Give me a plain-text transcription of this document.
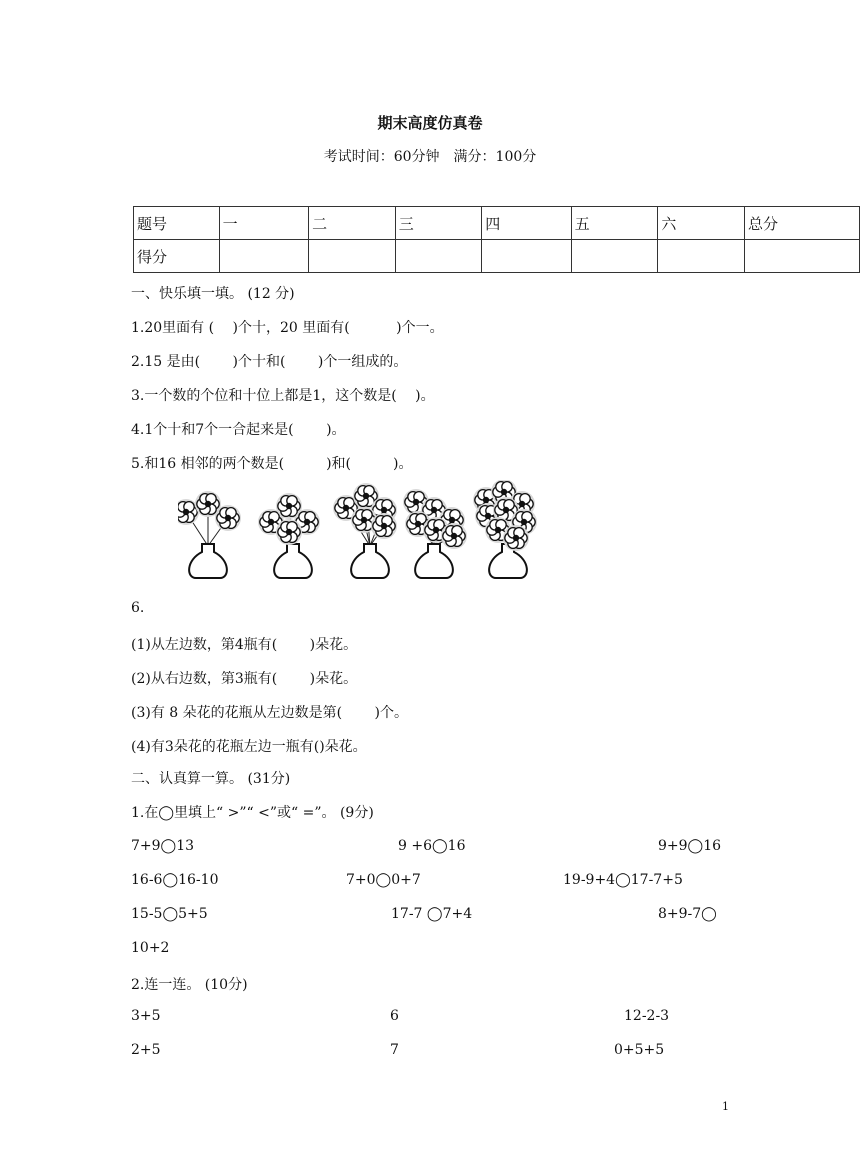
期末高度仿真卷
考试时间：60分钟　满分：100分
题号	一	二	三	四	五	六	总分
得分							
一、快乐填一填。 (12 分)
1.20里面有 (　 )个十，20 里面有(　　　 )个一。
2.15 是由(　　 )个十和(　　 )个一组成的。
3.一个数的个位和十位上都是1，这个数是(　 )。
4.1个十和7个一合起来是(　　 )。
5.和16 相邻的两个数是(　　　)和(　　　)。
6.
(1)从左边数，第4瓶有(　　 )朵花。
(2)从右边数，第3瓶有(　　 )朵花。
(3)有 8 朵花的花瓶从左边数是第(　　 )个。
(4)有3朵花的花瓶左边一瓶有()朵花。
二、认真算一算。 (31分)
1.在◯里填上“ >”“ <”或“ =”。 (9分)
7+9◯13	9 +6◯16	9+9◯16
16-6◯16-10	7+0◯0+7	19-9+4◯17-7+5
15-5◯5+5	17-7 ◯7+4	8+9-7◯
10+2
2.连一连。 (10分)
3+5	6	12-2-3
2+5	7	0+5+5
1
